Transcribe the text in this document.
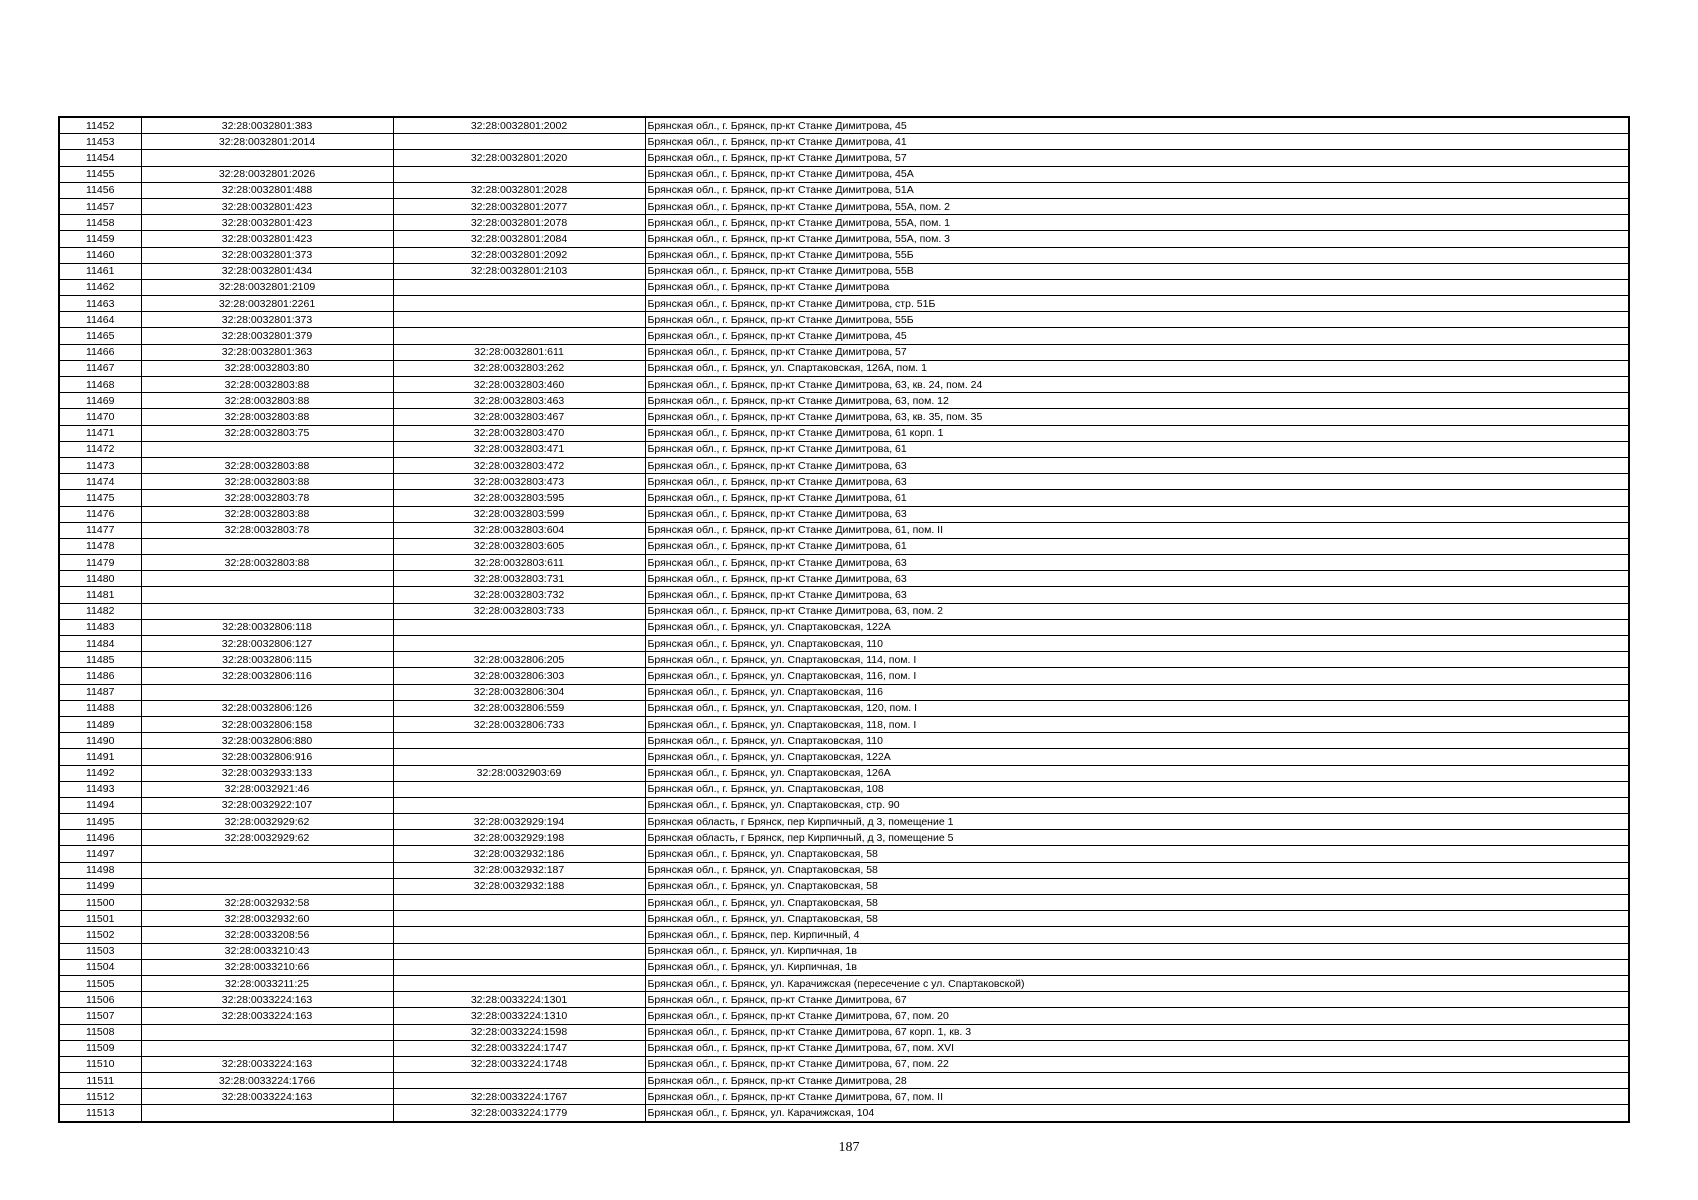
11452	32:28:0032801:383	32:28:0032801:2002	Брянская обл., г. Брянск, пр-кт Станке Димитрова, 45
11453	32:28:0032801:2014		Брянская обл., г. Брянск, пр-кт Станке Димитрова, 41
11454		32:28:0032801:2020	Брянская обл., г. Брянск, пр-кт Станке Димитрова, 57
11455	32:28:0032801:2026		Брянская обл., г. Брянск, пр-кт Станке Димитрова, 45А
11456	32:28:0032801:488	32:28:0032801:2028	Брянская обл., г. Брянск, пр-кт Станке Димитрова, 51А
11457	32:28:0032801:423	32:28:0032801:2077	Брянская обл., г. Брянск, пр-кт Станке Димитрова, 55А, пом. 2
11458	32:28:0032801:423	32:28:0032801:2078	Брянская обл., г. Брянск, пр-кт Станке Димитрова, 55А, пом. 1
11459	32:28:0032801:423	32:28:0032801:2084	Брянская обл., г. Брянск, пр-кт Станке Димитрова, 55А, пом. 3
11460	32:28:0032801:373	32:28:0032801:2092	Брянская обл., г. Брянск, пр-кт Станке Димитрова, 55Б
11461	32:28:0032801:434	32:28:0032801:2103	Брянская обл., г. Брянск, пр-кт Станке Димитрова, 55В
11462	32:28:0032801:2109		Брянская обл., г. Брянск, пр-кт Станке Димитрова
11463	32:28:0032801:2261		Брянская обл., г. Брянск, пр-кт Станке Димитрова, стр. 51Б
11464	32:28:0032801:373		Брянская обл., г. Брянск, пр-кт Станке Димитрова, 55Б
11465	32:28:0032801:379		Брянская обл., г. Брянск, пр-кт Станке Димитрова, 45
11466	32:28:0032801:363	32:28:0032801:611	Брянская обл., г. Брянск, пр-кт Станке Димитрова, 57
11467	32:28:0032803:80	32:28:0032803:262	Брянская обл., г. Брянск, ул. Спартаковская, 126А, пом. 1
11468	32:28:0032803:88	32:28:0032803:460	Брянская обл., г. Брянск, пр-кт Станке Димитрова, 63, кв. 24, пом. 24
11469	32:28:0032803:88	32:28:0032803:463	Брянская обл., г. Брянск, пр-кт Станке Димитрова, 63, пом. 12
11470	32:28:0032803:88	32:28:0032803:467	Брянская обл., г. Брянск, пр-кт Станке Димитрова, 63, кв. 35, пом. 35
11471	32:28:0032803:75	32:28:0032803:470	Брянская обл., г. Брянск, пр-кт Станке Димитрова, 61 корп. 1
11472		32:28:0032803:471	Брянская обл., г. Брянск, пр-кт Станке Димитрова, 61
11473	32:28:0032803:88	32:28:0032803:472	Брянская обл., г. Брянск, пр-кт Станке Димитрова, 63
11474	32:28:0032803:88	32:28:0032803:473	Брянская обл., г. Брянск, пр-кт Станке Димитрова, 63
11475	32:28:0032803:78	32:28:0032803:595	Брянская обл., г. Брянск, пр-кт Станке Димитрова, 61
11476	32:28:0032803:88	32:28:0032803:599	Брянская обл., г. Брянск, пр-кт Станке Димитрова, 63
11477	32:28:0032803:78	32:28:0032803:604	Брянская обл., г. Брянск, пр-кт Станке Димитрова, 61, пом. II
11478		32:28:0032803:605	Брянская обл., г. Брянск, пр-кт Станке Димитрова, 61
11479	32:28:0032803:88	32:28:0032803:611	Брянская обл., г. Брянск, пр-кт Станке Димитрова, 63
11480		32:28:0032803:731	Брянская обл., г. Брянск, пр-кт Станке Димитрова, 63
11481		32:28:0032803:732	Брянская обл., г. Брянск, пр-кт Станке Димитрова, 63
11482		32:28:0032803:733	Брянская обл., г. Брянск, пр-кт Станке Димитрова, 63, пом. 2
11483	32:28:0032806:118		Брянская обл., г. Брянск, ул. Спартаковская, 122А
11484	32:28:0032806:127		Брянская обл., г. Брянск, ул. Спартаковская, 110
11485	32:28:0032806:115	32:28:0032806:205	Брянская обл., г. Брянск, ул. Спартаковская, 114, пом. I
11486	32:28:0032806:116	32:28:0032806:303	Брянская обл., г. Брянск, ул. Спартаковская, 116, пом. I
11487		32:28:0032806:304	Брянская обл., г. Брянск, ул. Спартаковская, 116
11488	32:28:0032806:126	32:28:0032806:559	Брянская обл., г. Брянск, ул. Спартаковская, 120, пом. I
11489	32:28:0032806:158	32:28:0032806:733	Брянская обл., г. Брянск, ул. Спартаковская, 118, пом. I
11490	32:28:0032806:880		Брянская обл., г. Брянск, ул. Спартаковская, 110
11491	32:28:0032806:916		Брянская обл., г. Брянск, ул. Спартаковская, 122А
11492	32:28:0032933:133	32:28:0032903:69	Брянская обл., г. Брянск, ул. Спартаковская, 126А
11493	32:28:0032921:46		Брянская обл., г. Брянск, ул. Спартаковская, 108
11494	32:28:0032922:107		Брянская обл., г. Брянск, ул. Спартаковская, стр. 90
11495	32:28:0032929:62	32:28:0032929:194	Брянская область, г Брянск, пер Кирпичный, д 3, помещение 1
11496	32:28:0032929:62	32:28:0032929:198	Брянская область, г Брянск, пер Кирпичный, д 3, помещение 5
11497		32:28:0032932:186	Брянская обл., г. Брянск, ул. Спартаковская, 58
11498		32:28:0032932:187	Брянская обл., г. Брянск, ул. Спартаковская, 58
11499		32:28:0032932:188	Брянская обл., г. Брянск, ул. Спартаковская, 58
11500	32:28:0032932:58		Брянская обл., г. Брянск, ул. Спартаковская, 58
11501	32:28:0032932:60		Брянская обл., г. Брянск, ул. Спартаковская, 58
11502	32:28:0033208:56		Брянская обл., г. Брянск, пер. Кирпичный, 4
11503	32:28:0033210:43		Брянская обл., г. Брянск, ул. Кирпичная, 1в
11504	32:28:0033210:66		Брянская обл., г. Брянск, ул. Кирпичная, 1в
11505	32:28:0033211:25		Брянская обл., г. Брянск, ул. Карачижская (пересечение с ул. Спартаковской)
11506	32:28:0033224:163	32:28:0033224:1301	Брянская обл., г. Брянск, пр-кт Станке Димитрова, 67
11507	32:28:0033224:163	32:28:0033224:1310	Брянская обл., г. Брянск, пр-кт Станке Димитрова, 67, пом. 20
11508		32:28:0033224:1598	Брянская обл., г. Брянск, пр-кт Станке Димитрова, 67 корп. 1, кв. 3
11509		32:28:0033224:1747	Брянская обл., г. Брянск, пр-кт Станке Димитрова, 67, пом. XVI
11510	32:28:0033224:163	32:28:0033224:1748	Брянская обл., г. Брянск, пр-кт Станке Димитрова, 67, пом. 22
11511	32:28:0033224:1766		Брянская обл., г. Брянск, пр-кт Станке Димитрова, 28
11512	32:28:0033224:163	32:28:0033224:1767	Брянская обл., г. Брянск, пр-кт Станке Димитрова, 67, пом. II
11513		32:28:0033224:1779	Брянская обл., г. Брянск, ул. Карачижская, 104
187
